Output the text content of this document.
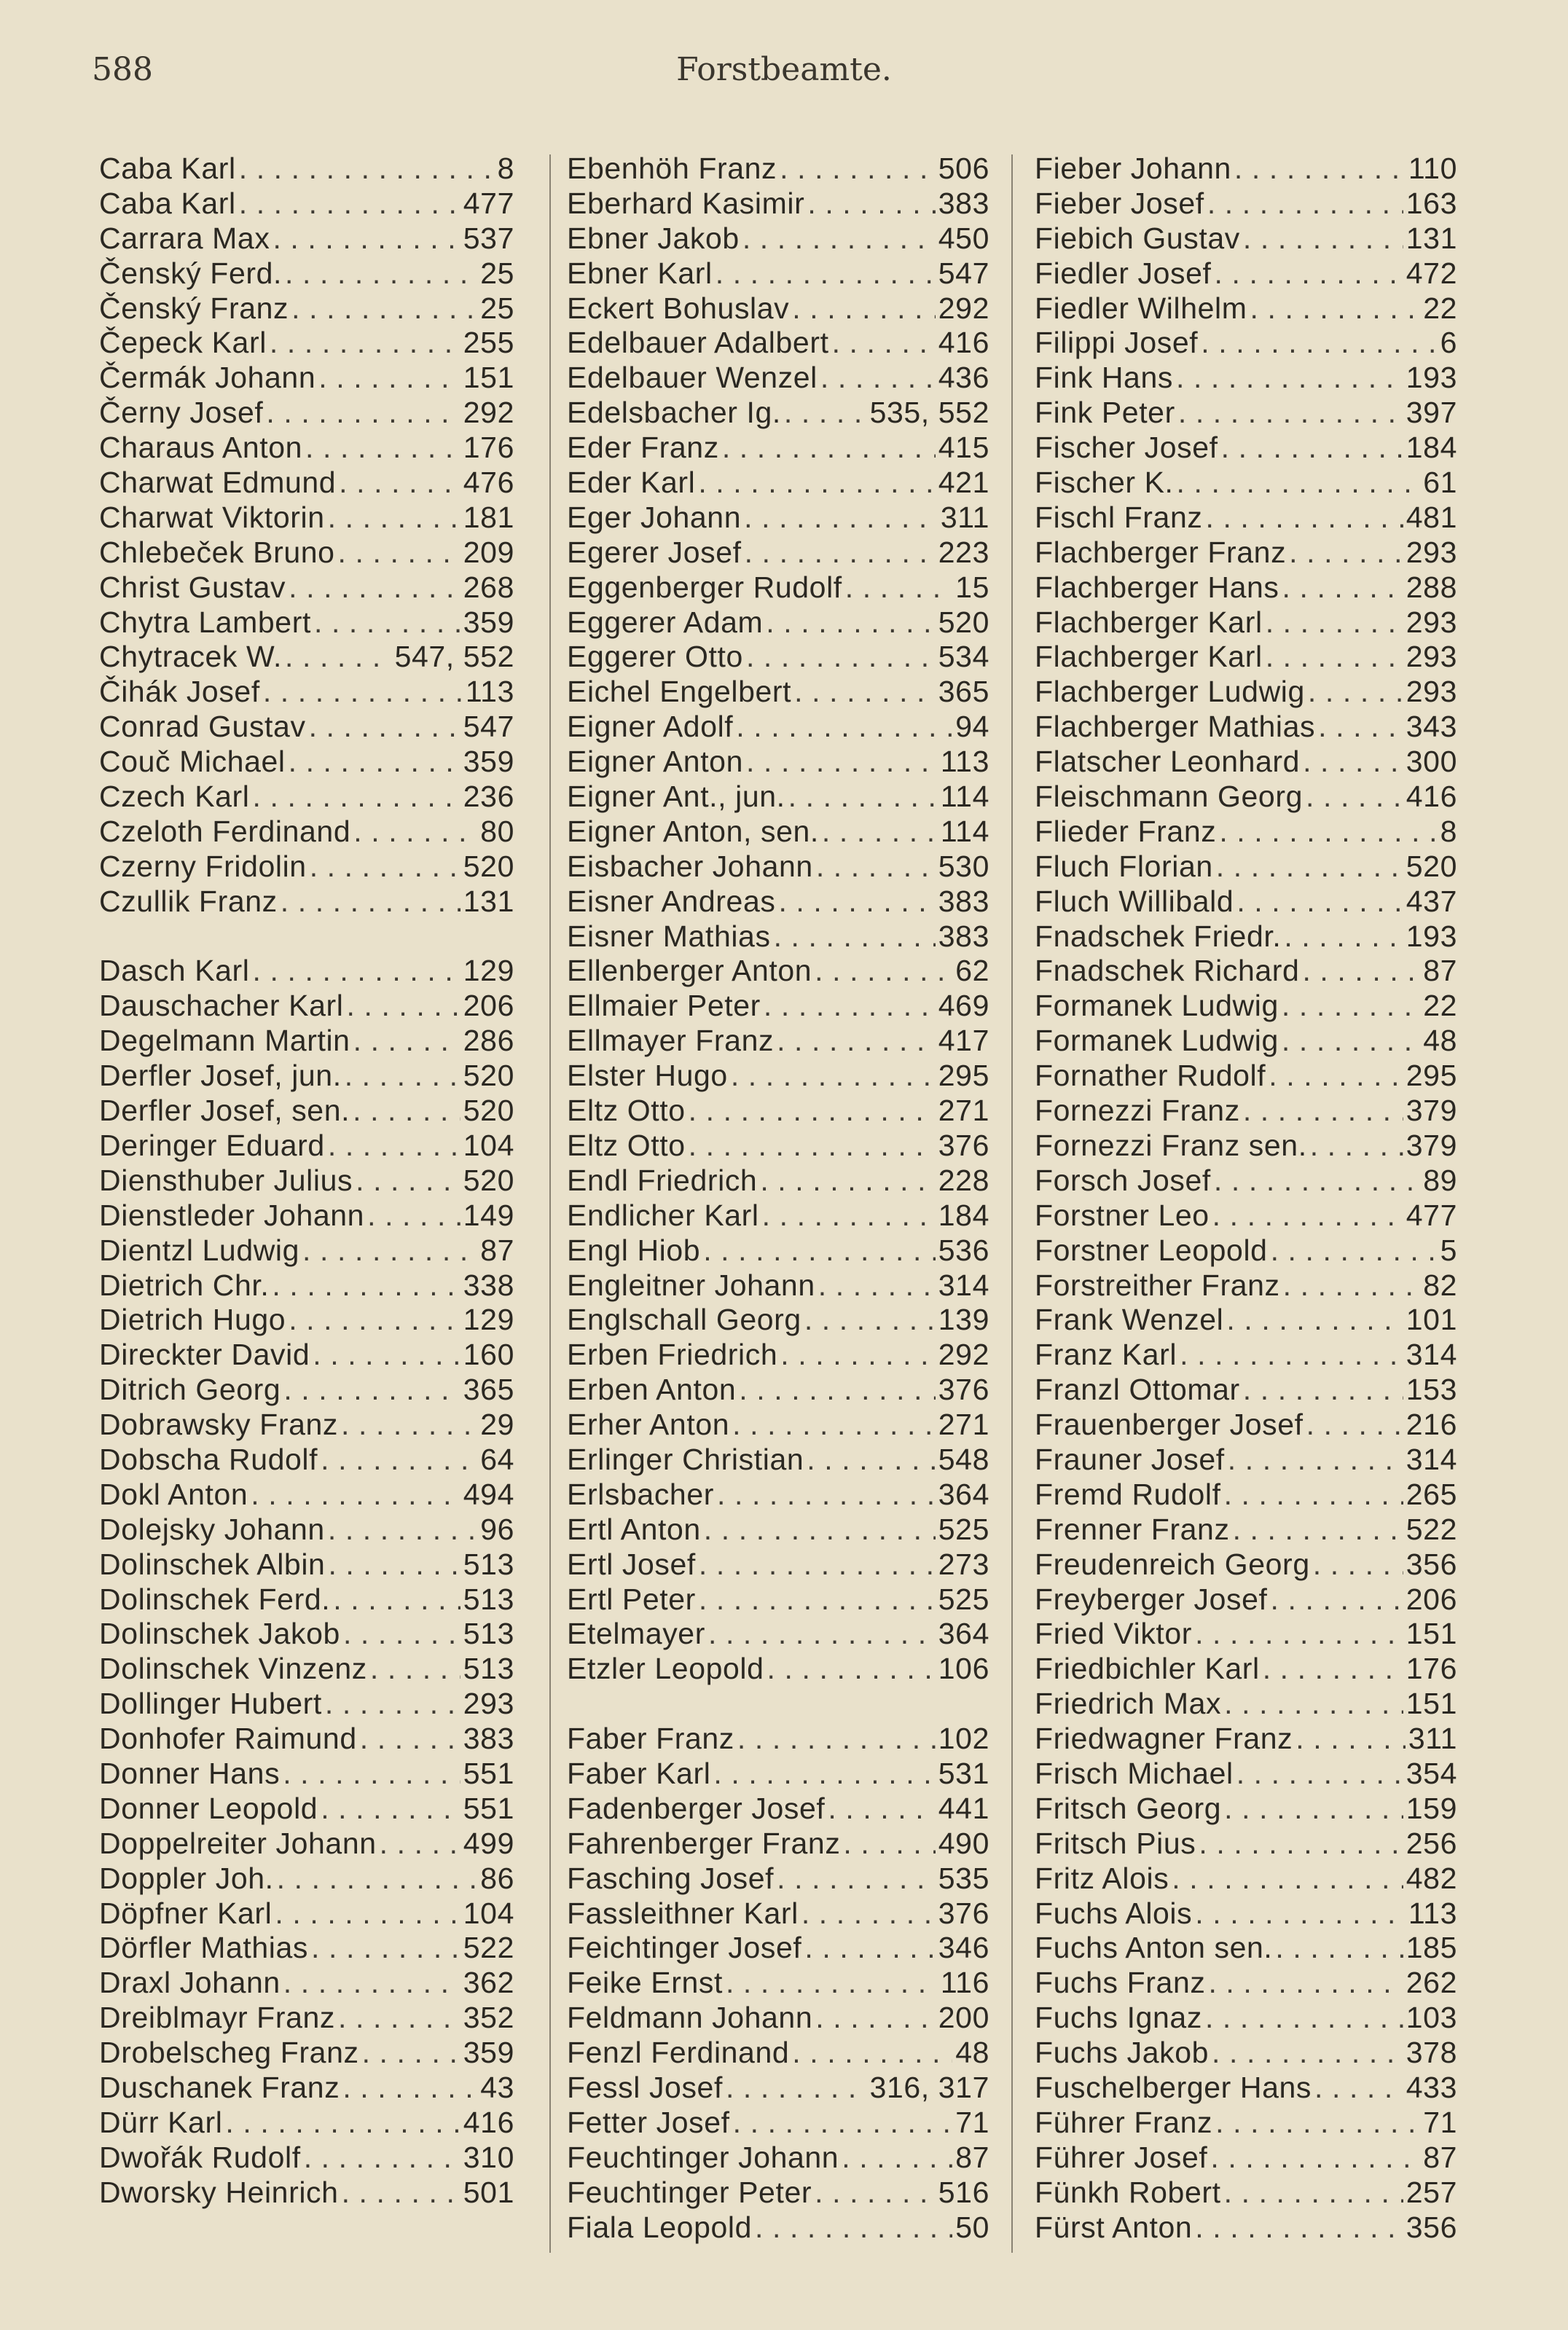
588	Forstbeamte.
Caba Karl . . .	8
Caba Karl . . .	477
Carrara Max . . .	537
Čenský Ferd. . . .	25
Čenský Franz . . .	25
Čepeck Karl . . .	255
Čermák Johann . . .	151
Černy Josef . . .	292
Charaus Anton . . .	176
Charwat Edmund . . .	476
Charwat Viktorin . . .	181
Chlebeček Bruno . . .	209
Christ Gustav . . .	268
Chytra Lambert . . .	359
Chytracek W. . . .	547, 552
Čihák Josef . . .	113
Conrad Gustav . . .	547
Couč Michael . . .	359
Czech Karl . . .	236
Czeloth Ferdinand . . .	80
Czerny Fridolin . . .	520
Czullik Franz . . .	131
Dasch Karl . . .	129
Dauschacher Karl . . .	206
Degelmann Martin . . .	286
Derfler Josef, jun. . . .	520
Derfler Josef, sen. . . .	520
Deringer Eduard . . .	104
Diensthuber Julius . . .	520
Dienstleder Johann . . .	149
Dientzl Ludwig . . .	87
Dietrich Chr. . . .	338
Dietrich Hugo . . .	129
Direckter David . . .	160
Ditrich Georg . . .	365
Dobrawsky Franz . . .	29
Dobscha Rudolf . . .	64
Dokl Anton . . .	494
Dolejsky Johann . . .	96
Dolinschek Albin . . .	513
Dolinschek Ferd. . . .	513
Dolinschek Jakob . . .	513
Dolinschek Vinzenz . . .	513
Dollinger Hubert . . .	293
Donhofer Raimund . . .	383
Donner Hans . . .	551
Donner Leopold . . .	551
Doppelreiter Johann . . .	499
Doppler Joh. . . .	86
Döpfner Karl . . .	104
Dörfler Mathias . . .	522
Draxl Johann . . .	362
Dreiblmayr Franz . . .	352
Drobelscheg Franz . . .	359
Duschanek Franz . . .	43
Dürr Karl . . .	416
Dwořák Rudolf . . .	310
Dworsky Heinrich . . .	501
Ebenhöh Franz . . .	506
Eberhard Kasimir . . .	383
Ebner Jakob . . .	450
Ebner Karl . . .	547
Eckert Bohuslav . . .	292
Edelbauer Adalbert . . .	416
Edelbauer Wenzel . . .	436
Edelsbacher Ig. . . .	535, 552
Eder Franz . . .	415
Eder Karl . . .	421
Eger Johann . . .	311
Egerer Josef . . .	223
Eggenberger Rudolf . . .	15
Eggerer Adam . . .	520
Eggerer Otto . . .	534
Eichel Engelbert . . .	365
Eigner Adolf . . .	94
Eigner Anton . . .	113
Eigner Ant., jun. . . .	114
Eigner Anton, sen. . . .	114
Eisbacher Johann . . .	530
Eisner Andreas . . .	383
Eisner Mathias . . .	383
Ellenberger Anton . . .	62
Ellmaier Peter . . .	469
Ellmayer Franz . . .	417
Elster Hugo . . .	295
Eltz Otto . . .	271
Eltz Otto . . .	376
Endl Friedrich . . .	228
Endlicher Karl . . .	184
Engl Hiob . . .	536
Engleitner Johann . . .	314
Englschall Georg . . .	139
Erben Friedrich . . .	292
Erben Anton . . .	376
Erher Anton . . .	271
Erlinger Christian . . .	548
Erlsbacher . . .	364
Ertl Anton . . .	525
Ertl Josef . . .	273
Ertl Peter . . .	525
Etelmayer . . .	364
Etzler Leopold . . .	106
Faber Franz . . .	102
Faber Karl . . .	531
Fadenberger Josef . . .	441
Fahrenberger Franz . . .	490
Fasching Josef . . .	535
Fassleithner Karl . . .	376
Feichtinger Josef . . .	346
Feike Ernst . . .	116
Feldmann Johann . . .	200
Fenzl Ferdinand . . .	48
Fessl Josef . . .	316, 317
Fetter Josef . . .	71
Feuchtinger Johann . . .	87
Feuchtinger Peter . . .	516
Fiala Leopold . . .	50
Fieber Johann . . .	110
Fieber Josef . . .	163
Fiebich Gustav . . .	131
Fiedler Josef . . .	472
Fiedler Wilhelm . . .	22
Filippi Josef . . .	6
Fink Hans . . .	193
Fink Peter . . .	397
Fischer Josef . . .	184
Fischer K. . . .	61
Fischl Franz . . .	481
Flachberger Franz . . .	293
Flachberger Hans . . .	288
Flachberger Karl . . .	293
Flachberger Karl . . .	293
Flachberger Ludwig . . .	293
Flachberger Mathias . . .	343
Flatscher Leonhard . . .	300
Fleischmann Georg . . .	416
Flieder Franz . . .	8
Fluch Florian . . .	520
Fluch Willibald . . .	437
Fnadschek Friedr. . . .	193
Fnadschek Richard . . .	87
Formanek Ludwig . . .	22
Formanek Ludwig . . .	48
Fornather Rudolf . . .	295
Fornezzi Franz . . .	379
Fornezzi Franz sen. . . .	379
Forsch Josef . . .	89
Forstner Leo . . .	477
Forstner Leopold . . .	5
Forstreither Franz . . .	82
Frank Wenzel . . .	101
Franz Karl . . .	314
Franzl Ottomar . . .	153
Frauenberger Josef . . .	216
Frauner Josef . . .	314
Fremd Rudolf . . .	265
Frenner Franz . . .	522
Freudenreich Georg . . .	356
Freyberger Josef . . .	206
Fried Viktor . . .	151
Friedbichler Karl . . .	176
Friedrich Max . . .	151
Friedwagner Franz . . .	311
Frisch Michael . . .	354
Fritsch Georg . . .	159
Fritsch Pius . . .	256
Fritz Alois . . .	482
Fuchs Alois . . .	113
Fuchs Anton sen. . . .	185
Fuchs Franz . . .	262
Fuchs Ignaz . . .	103
Fuchs Jakob . . .	378
Fuschelberger Hans . . .	433
Führer Franz . . .	71
Führer Josef . . .	87
Fünkh Robert . . .	257
Fürst Anton . . .	356
